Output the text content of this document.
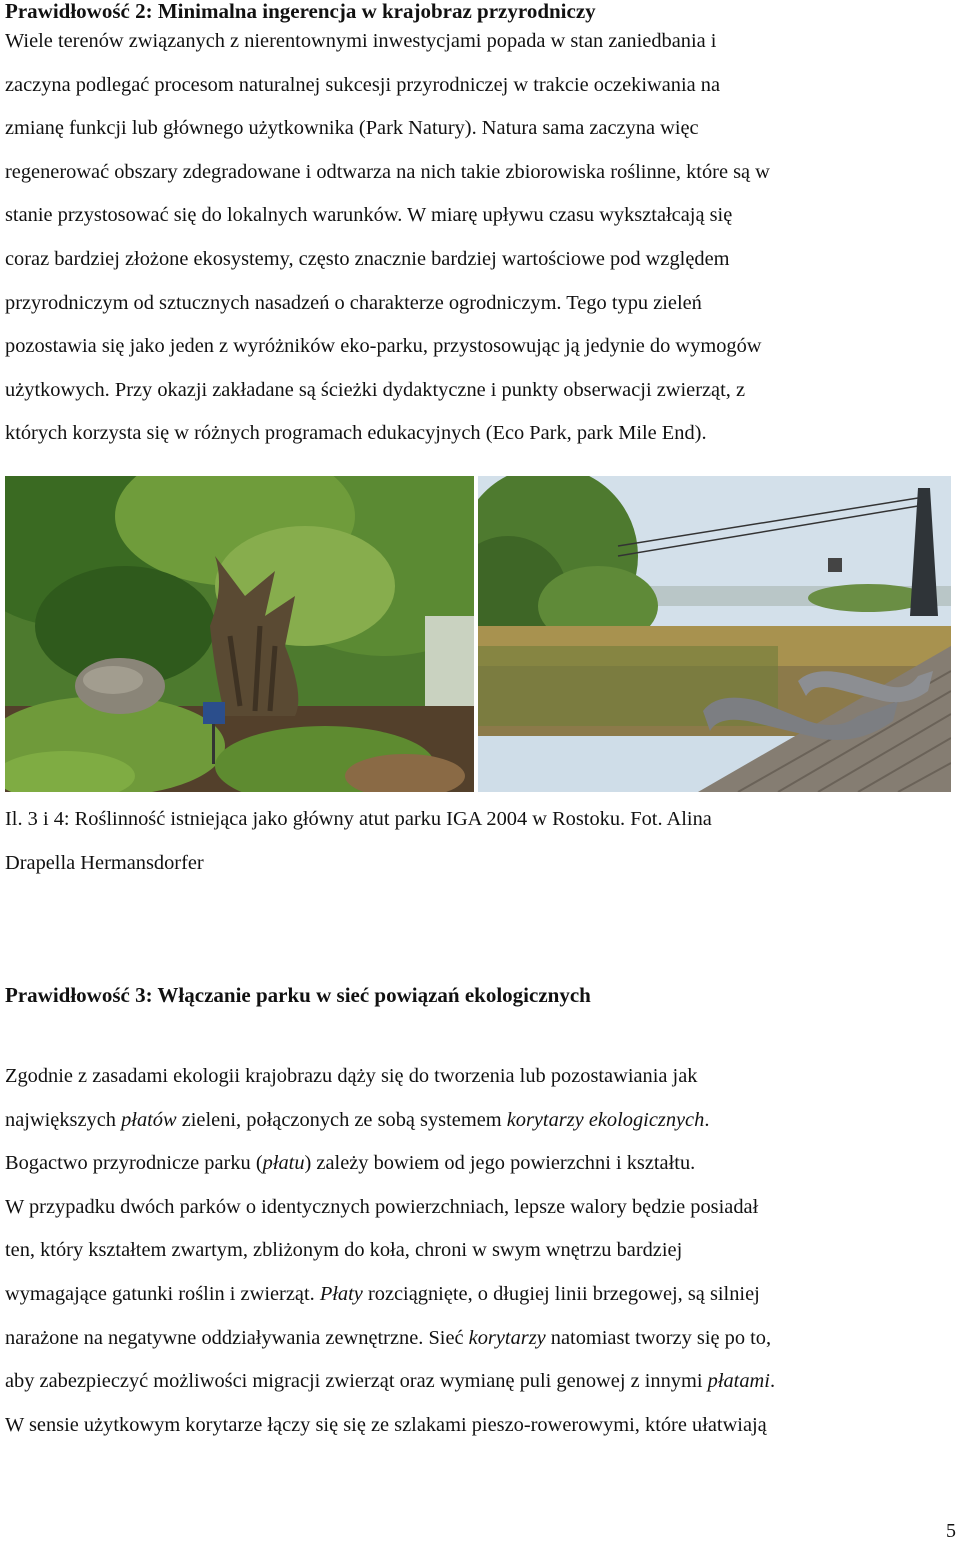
Prawidłowość 2: Minimalna ingerencja w krajobraz przyrodniczy
Wiele terenów związanych z nierentownymi inwestycjami popada w stan zaniedbania i
zaczyna podlegać procesom naturalnej sukcesji przyrodniczej w trakcie oczekiwania na
zmianę funkcji lub głównego użytkownika (Park Natury). Natura sama zaczyna więc
regenerować obszary zdegradowane i odtwarza na nich takie zbiorowiska roślinne, które są w
stanie przystosować się do lokalnych warunków. W miarę upływu czasu wykształcają się
coraz bardziej złożone ekosystemy, często znacznie bardziej wartościowe pod względem
przyrodniczym od sztucznych nasadzeń o charakterze ogrodniczym. Tego typu zieleń
pozostawia się jako jeden z wyróżników eko-parku, przystosowując ją jedynie do wymogów
użytkowych. Przy okazji zakładane są ścieżki dydaktyczne i punkty obserwacji zwierząt, z
których korzysta się w różnych programach edukacyjnych (Eco Park, park Mile End).
Il. 3 i 4: Roślinność istniejąca jako główny atut parku IGA 2004 w Rostoku. Fot. Alina
Drapella Hermansdorfer
Prawidłowość 3: Włączanie parku w sieć powiązań ekologicznych
Zgodnie z zasadami ekologii krajobrazu dąży się do tworzenia lub pozostawiania jak
największych płatów zieleni, połączonych ze sobą systemem korytarzy ekologicznych.
Bogactwo przyrodnicze parku (płatu) zależy bowiem od jego powierzchni i kształtu.
W przypadku dwóch parków o identycznych powierzchniach, lepsze walory będzie posiadał
ten, który kształtem zwartym, zbliżonym do koła, chroni w swym wnętrzu bardziej
wymagające gatunki roślin i zwierząt. Płaty rozciągnięte, o długiej linii brzegowej, są silniej
narażone na negatywne oddziaływania zewnętrzne. Sieć korytarzy natomiast tworzy się po to,
aby zabezpieczyć możliwości migracji zwierząt oraz wymianę puli genowej z innymi płatami.
W sensie użytkowym korytarze łączy się się ze szlakami pieszo-rowerowymi, które ułatwiają
5
